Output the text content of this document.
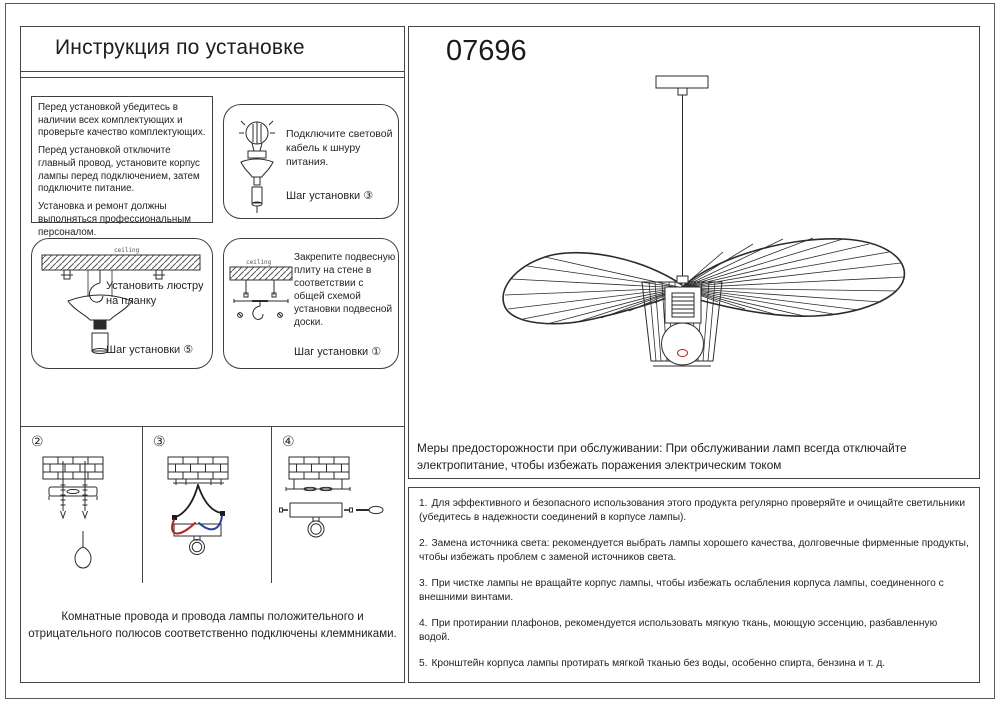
Инструкция по установке

Перед установкой убедитесь в наличии всех комплектующих и проверьте качество комплектующих.

Перед установкой отключите главный провод, установите корпус лампы перед подключением, затем подключите питание.

Установка и ремонт должны выполняться профессиональным персоналом.

Подключите световой кабель к шнуру питания.
Шаг установки ③
ceiling
Установить люстру на планку
Шаг установки ⑤
ceiling Закрепите подвесную плиту на стене в соответствии с общей схемой установки подвесной доски.
Шаг установки ①
②	③	④
Комнатные провода и провода лампы положительного и отрицательного полюсов соответственно подключены клеммниками.
07696
Меры предосторожности при обслуживании: При обслуживании ламп всегда отключайте электропитание, чтобы избежать поражения электрическим током

1. Для эффективного и безопасного использования этого продукта регулярно проверяйте и очищайте светильники (убедитесь в надежности соединений в корпусе лампы).

2. Замена источника света: рекомендуется выбрать лампы хорошего качества, долговечные фирменные продукты, чтобы избежать проблем с заменой источников света.

3. При чистке лампы не вращайте корпус лампы, чтобы избежать ослабления корпуса лампы, соединенного с внешними винтами.

4. При протирании плафонов, рекомендуется использовать мягкую ткань, моющую эссенцию, разбавленную водой.

5. Кронштейн корпуса лампы протирать мягкой тканью без воды, особенно спирта, бензина и т. д.
